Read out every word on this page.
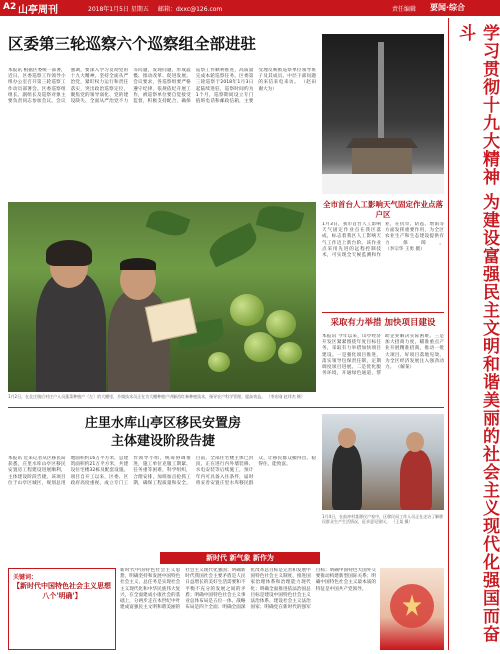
A2 山亭周刊	2018年1月5日 星期五 邮箱：dxxc@126.com	责任编辑 要闻·综合
区委第三轮巡察六个巡察组全部进驻
本报讯 根据区委统一部署，近日，区委巡察工作领导小组办公室召开第三轮巡察工作动员部署会。区委巡察组组长、副组长及巡察对象主要负责同志参加会议。会议强调，要深入学习贯彻党的十九大精神，坚持全面从严治党，紧盯权力运行和责任落实，突出政治巡察定位，聚焦党的领导弱化、党的建设缺失、全面从严治党不力等问题，发现问题、形成震慑、推动改革、促进发展。会议要求，各巡察组要严格遵守纪律，依规依纪开展工作，被巡察单位要自觉接受监督，积极支持配合，确保巡察工作顺利推进，高质量完成本轮巡察任务。区委第三轮巡察于2018年1月3日起陆续进驻，巡察时间约为1个月，巡察期间设立专门值班电话和邮政信箱，主要受理反映被巡察单位领导班子及其成员、中层干部问题的来信来电来访。 （赵田 谢大为）
1月2日，在北庄镇后村庄户人员蔬菜种植户（左）的大棚里，乡镇技术员正在为大棚种植户讲解西红柿种植技术，指导农户科学管理，提高效益。 （李宏刚 赵玮杰 摄）	学习贯彻十九大精神 为建设富强民主文明和谐美丽的社会主义现代化强国而奋斗
全市首台人工影响天气固定作业点落户区
1月3日，我市首台人工影响天气固定作业点在我区落成，标志着我区人工影响天气工作迈上新台阶。该作业点采用先进的远程控制技术，可实现全天候监测和作业，在抗旱、防雹、增雨等方面发挥重要作用，为全区农业生产和生态建设提供有力保障。 （李宗华 王勇 摄）
采取有力举措 加快项目建设
本报讯 今年以来，山亭经济开发区紧紧围绕年度目标任务，采取有力举措加快项目建设。一是强化项目推进，落实领导包保责任制，定期调度项目进展。二是优化服务环境，开通绿色通道，帮助企业解决实际困难。三是加大招商力度，瞄准重点产业开展精准招商，推动一批大项目、好项目落地见效，为全区经济发展注入强劲动力。 （解某）
庄里水库山亭区移民安置房
主体建设阶段告捷
本报讯 近来记者从区移民局获悉，庄里水库山亭区移民安置房工程建设进展顺利，主体建设阶段告捷。该项目位于山亭区城区，规划总用地面积约16万平方米，总建筑面积约21万平方米，共建设住宅楼32栋及配套设施。项目自开工以来，区委、区政府高度重视，成立专门工作领导小组，统筹协调推进，施工单位克服工期紧、任务重等困难，科学组织，合理安排，加班加点抢抓工期，确保工程质量和安全。目前，全部住宅楼主体已封顶，正在进行内外墙装修、水电安装等后续施工，预计年内可具备入住条件，届时将妥善安置庄里水库移民群众，让移民群众搬得出、稳得住、能致富。
1月4日，在前冲村某移民户家中，区移民局工作人员正在走访了解移民群众生产生活情况，征求意见建议。 （王某 摄）
新时代 新气象 新作为
关键词：
【新时代中国特色社会主义思想八个'明确'】
新时代中国特色社会主义思想，明确坚持和发展中国特色社会主义，总任务是实现社会主义现代化和中华民族伟大复兴，在全面建成小康社会的基础上，分两步走在本世纪中叶建成富强民主文明和谐美丽的社会主义现代化强国；明确新时代我国社会主要矛盾是人民日益增长的美好生活需要和不平衡不充分的发展之间的矛盾；明确中国特色社会主义事业总体布局是五位一体、战略布局是四个全面；明确全面深化改革总目标是完善和发展中国特色社会主义制度、推进国家治理体系和治理能力现代化；明确全面推进依法治国总目标是建设中国特色社会主义法治体系、建设社会主义法治国家；明确党在新时代的强军目标；明确中国特色大国外交要推动构建新型国际关系；明确中国特色社会主义最本质的特征是中国共产党领导。
